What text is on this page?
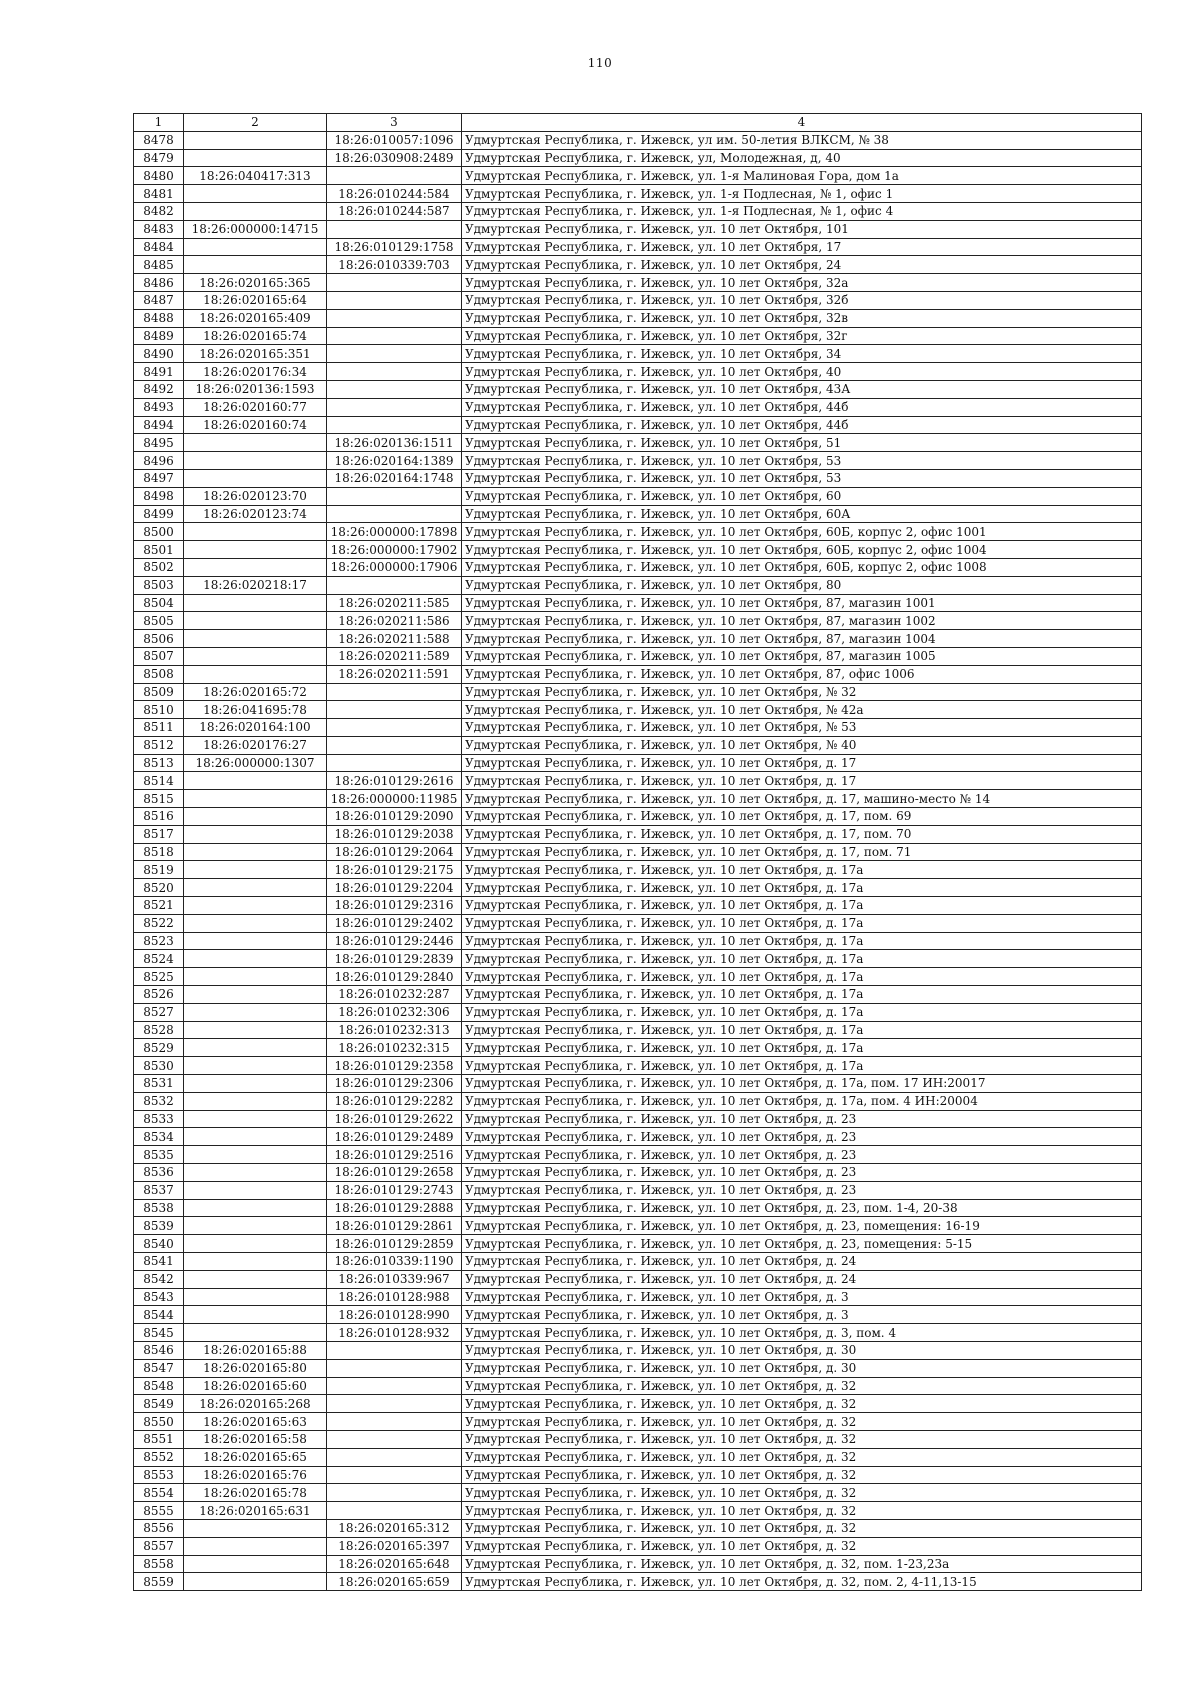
110
1	2	3	4
8478		18:26:010057:1096	Удмуртская Республика, г. Ижевск, ул им. 50-летия ВЛКСМ, № 38
8479		18:26:030908:2489	Удмуртская Республика, г. Ижевск, ул, Молодежная, д, 40
8480	18:26:040417:313		Удмуртская Республика, г. Ижевск, ул. 1-я Малиновая Гора, дом 1а
8481		18:26:010244:584	Удмуртская Республика, г. Ижевск, ул. 1-я Подлесная, № 1, офис 1
8482		18:26:010244:587	Удмуртская Республика, г. Ижевск, ул. 1-я Подлесная, № 1, офис 4
8483	18:26:000000:14715		Удмуртская Республика, г. Ижевск, ул. 10 лет Октября, 101
8484		18:26:010129:1758	Удмуртская Республика, г. Ижевск, ул. 10 лет Октября, 17
8485		18:26:010339:703	Удмуртская Республика, г. Ижевск, ул. 10 лет Октября, 24
8486	18:26:020165:365		Удмуртская Республика, г. Ижевск, ул. 10 лет Октября, 32а
8487	18:26:020165:64		Удмуртская Республика, г. Ижевск, ул. 10 лет Октября, 32б
8488	18:26:020165:409		Удмуртская Республика, г. Ижевск, ул. 10 лет Октября, 32в
8489	18:26:020165:74		Удмуртская Республика, г. Ижевск, ул. 10 лет Октября, 32г
8490	18:26:020165:351		Удмуртская Республика, г. Ижевск, ул. 10 лет Октября, 34
8491	18:26:020176:34		Удмуртская Республика, г. Ижевск, ул. 10 лет Октября, 40
8492	18:26:020136:1593		Удмуртская Республика, г. Ижевск, ул. 10 лет Октября, 43А
8493	18:26:020160:77		Удмуртская Республика, г. Ижевск, ул. 10 лет Октября, 44б
8494	18:26:020160:74		Удмуртская Республика, г. Ижевск, ул. 10 лет Октября, 44б
8495		18:26:020136:1511	Удмуртская Республика, г. Ижевск, ул. 10 лет Октября, 51
8496		18:26:020164:1389	Удмуртская Республика, г. Ижевск, ул. 10 лет Октября, 53
8497		18:26:020164:1748	Удмуртская Республика, г. Ижевск, ул. 10 лет Октября, 53
8498	18:26:020123:70		Удмуртская Республика, г. Ижевск, ул. 10 лет Октября, 60
8499	18:26:020123:74		Удмуртская Республика, г. Ижевск, ул. 10 лет Октября, 60А
8500		18:26:000000:17898	Удмуртская Республика, г. Ижевск, ул. 10 лет Октября, 60Б, корпус 2, офис 1001
8501		18:26:000000:17902	Удмуртская Республика, г. Ижевск, ул. 10 лет Октября, 60Б, корпус 2, офис 1004
8502		18:26:000000:17906	Удмуртская Республика, г. Ижевск, ул. 10 лет Октября, 60Б, корпус 2, офис 1008
8503	18:26:020218:17		Удмуртская Республика, г. Ижевск, ул. 10 лет Октября, 80
8504		18:26:020211:585	Удмуртская Республика, г. Ижевск, ул. 10 лет Октября, 87, магазин 1001
8505		18:26:020211:586	Удмуртская Республика, г. Ижевск, ул. 10 лет Октября, 87, магазин 1002
8506		18:26:020211:588	Удмуртская Республика, г. Ижевск, ул. 10 лет Октября, 87, магазин 1004
8507		18:26:020211:589	Удмуртская Республика, г. Ижевск, ул. 10 лет Октября, 87, магазин 1005
8508		18:26:020211:591	Удмуртская Республика, г. Ижевск, ул. 10 лет Октября, 87, офис 1006
8509	18:26:020165:72		Удмуртская Республика, г. Ижевск, ул. 10 лет Октября, № 32
8510	18:26:041695:78		Удмуртская Республика, г. Ижевск, ул. 10 лет Октября, № 42а
8511	18:26:020164:100		Удмуртская Республика, г. Ижевск, ул. 10 лет Октября, № 53
8512	18:26:020176:27		Удмуртская Республика, г. Ижевск, ул. 10 лет Октября, № 40
8513	18:26:000000:1307		Удмуртская Республика, г. Ижевск, ул. 10 лет Октября, д. 17
8514		18:26:010129:2616	Удмуртская Республика, г. Ижевск, ул. 10 лет Октября, д. 17
8515		18:26:000000:11985	Удмуртская Республика, г. Ижевск, ул. 10 лет Октября, д. 17, машино-место № 14
8516		18:26:010129:2090	Удмуртская Республика, г. Ижевск, ул. 10 лет Октября, д. 17, пом. 69
8517		18:26:010129:2038	Удмуртская Республика, г. Ижевск, ул. 10 лет Октября, д. 17, пом. 70
8518		18:26:010129:2064	Удмуртская Республика, г. Ижевск, ул. 10 лет Октября, д. 17, пом. 71
8519		18:26:010129:2175	Удмуртская Республика, г. Ижевск, ул. 10 лет Октября, д. 17а
8520		18:26:010129:2204	Удмуртская Республика, г. Ижевск, ул. 10 лет Октября, д. 17а
8521		18:26:010129:2316	Удмуртская Республика, г. Ижевск, ул. 10 лет Октября, д. 17а
8522		18:26:010129:2402	Удмуртская Республика, г. Ижевск, ул. 10 лет Октября, д. 17а
8523		18:26:010129:2446	Удмуртская Республика, г. Ижевск, ул. 10 лет Октября, д. 17а
8524		18:26:010129:2839	Удмуртская Республика, г. Ижевск, ул. 10 лет Октября, д. 17а
8525		18:26:010129:2840	Удмуртская Республика, г. Ижевск, ул. 10 лет Октября, д. 17а
8526		18:26:010232:287	Удмуртская Республика, г. Ижевск, ул. 10 лет Октября, д. 17а
8527		18:26:010232:306	Удмуртская Республика, г. Ижевск, ул. 10 лет Октября, д. 17а
8528		18:26:010232:313	Удмуртская Республика, г. Ижевск, ул. 10 лет Октября, д. 17а
8529		18:26:010232:315	Удмуртская Республика, г. Ижевск, ул. 10 лет Октября, д. 17а
8530		18:26:010129:2358	Удмуртская Республика, г. Ижевск, ул. 10 лет Октября, д. 17а
8531		18:26:010129:2306	Удмуртская Республика, г. Ижевск, ул. 10 лет Октября, д. 17а, пом. 17 ИН:20017
8532		18:26:010129:2282	Удмуртская Республика, г. Ижевск, ул. 10 лет Октября, д. 17а, пом. 4 ИН:20004
8533		18:26:010129:2622	Удмуртская Республика, г. Ижевск, ул. 10 лет Октября, д. 23
8534		18:26:010129:2489	Удмуртская Республика, г. Ижевск, ул. 10 лет Октября, д. 23
8535		18:26:010129:2516	Удмуртская Республика, г. Ижевск, ул. 10 лет Октября, д. 23
8536		18:26:010129:2658	Удмуртская Республика, г. Ижевск, ул. 10 лет Октября, д. 23
8537		18:26:010129:2743	Удмуртская Республика, г. Ижевск, ул. 10 лет Октября, д. 23
8538		18:26:010129:2888	Удмуртская Республика, г. Ижевск, ул. 10 лет Октября, д. 23, пом. 1-4, 20-38
8539		18:26:010129:2861	Удмуртская Республика, г. Ижевск, ул. 10 лет Октября, д. 23, помещения: 16-19
8540		18:26:010129:2859	Удмуртская Республика, г. Ижевск, ул. 10 лет Октября, д. 23, помещения: 5-15
8541		18:26:010339:1190	Удмуртская Республика, г. Ижевск, ул. 10 лет Октября, д. 24
8542		18:26:010339:967	Удмуртская Республика, г. Ижевск, ул. 10 лет Октября, д. 24
8543		18:26:010128:988	Удмуртская Республика, г. Ижевск, ул. 10 лет Октября, д. 3
8544		18:26:010128:990	Удмуртская Республика, г. Ижевск, ул. 10 лет Октября, д. 3
8545		18:26:010128:932	Удмуртская Республика, г. Ижевск, ул. 10 лет Октября, д. 3, пом. 4
8546	18:26:020165:88		Удмуртская Республика, г. Ижевск, ул. 10 лет Октября, д. 30
8547	18:26:020165:80		Удмуртская Республика, г. Ижевск, ул. 10 лет Октября, д. 30
8548	18:26:020165:60		Удмуртская Республика, г. Ижевск, ул. 10 лет Октября, д. 32
8549	18:26:020165:268		Удмуртская Республика, г. Ижевск, ул. 10 лет Октября, д. 32
8550	18:26:020165:63		Удмуртская Республика, г. Ижевск, ул. 10 лет Октября, д. 32
8551	18:26:020165:58		Удмуртская Республика, г. Ижевск, ул. 10 лет Октября, д. 32
8552	18:26:020165:65		Удмуртская Республика, г. Ижевск, ул. 10 лет Октября, д. 32
8553	18:26:020165:76		Удмуртская Республика, г. Ижевск, ул. 10 лет Октября, д. 32
8554	18:26:020165:78		Удмуртская Республика, г. Ижевск, ул. 10 лет Октября, д. 32
8555	18:26:020165:631		Удмуртская Республика, г. Ижевск, ул. 10 лет Октября, д. 32
8556		18:26:020165:312	Удмуртская Республика, г. Ижевск, ул. 10 лет Октября, д. 32
8557		18:26:020165:397	Удмуртская Республика, г. Ижевск, ул. 10 лет Октября, д. 32
8558		18:26:020165:648	Удмуртская Республика, г. Ижевск, ул. 10 лет Октября, д. 32, пом. 1-23,23а
8559		18:26:020165:659	Удмуртская Республика, г. Ижевск, ул. 10 лет Октября, д. 32, пом. 2, 4-11,13-15
